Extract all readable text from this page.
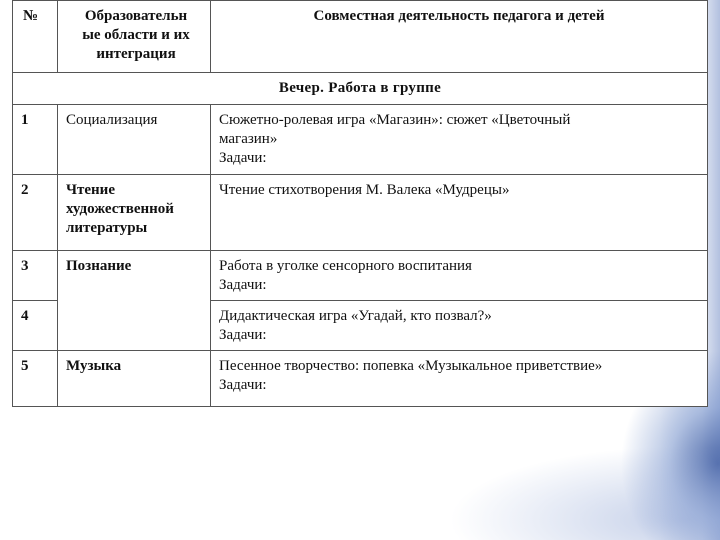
№	Образовательн
ые области и их
интеграция	Совместная деятельность педагога и детей
Вечер. Работа в группе		
1	Социализация	Сюжетно-ролевая игра «Магазин»: сюжет «Цветочный
магазин»
Задачи:

2	Чтение
художественной
литературы	Чтение стихотворения М. Валека «Мудрецы»

3	Познание	Работа в уголке сенсорного воспитания
Задачи:

4		Дидактическая игра «Угадай, кто позвал?»
Задачи:

5	Музыка	Песенное творчество: попевка «Музыкальное приветствие»
Задачи:
